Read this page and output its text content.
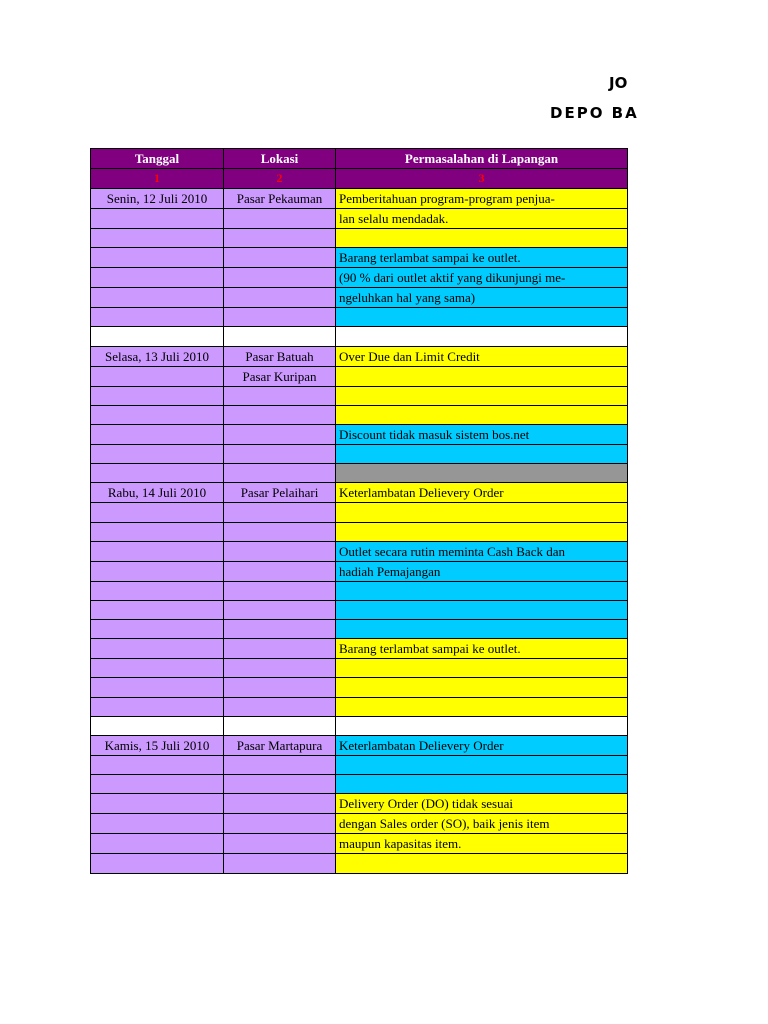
JO
DEPO BA
Tanggal	Lokasi	Permasalahan di Lapangan
1	2	3
Senin, 12 Juli 2010	Pasar Pekauman	Pemberitahuan program-program penjua-
		lan selalu mendadak.

		Barang terlambat sampai ke outlet.
		(90 % dari outlet aktif yang dikunjungi me-
		ngeluhkan hal yang sama)

Selasa, 13 Juli 2010	Pasar Batuah	Over Due dan Limit Credit
	Pasar Kuripan	

		Discount tidak masuk sistem bos.net

Rabu, 14 Juli 2010	Pasar Pelaihari	Keterlambatan Delievery Order

		Outlet secara rutin meminta Cash Back dan
		hadiah Pemajangan

		Barang terlambat sampai ke outlet.

Kamis, 15 Juli 2010	Pasar Martapura	Keterlambatan Delievery Order

		Delivery Order (DO) tidak sesuai
		dengan Sales order (SO), baik jenis item
		maupun kapasitas item.
